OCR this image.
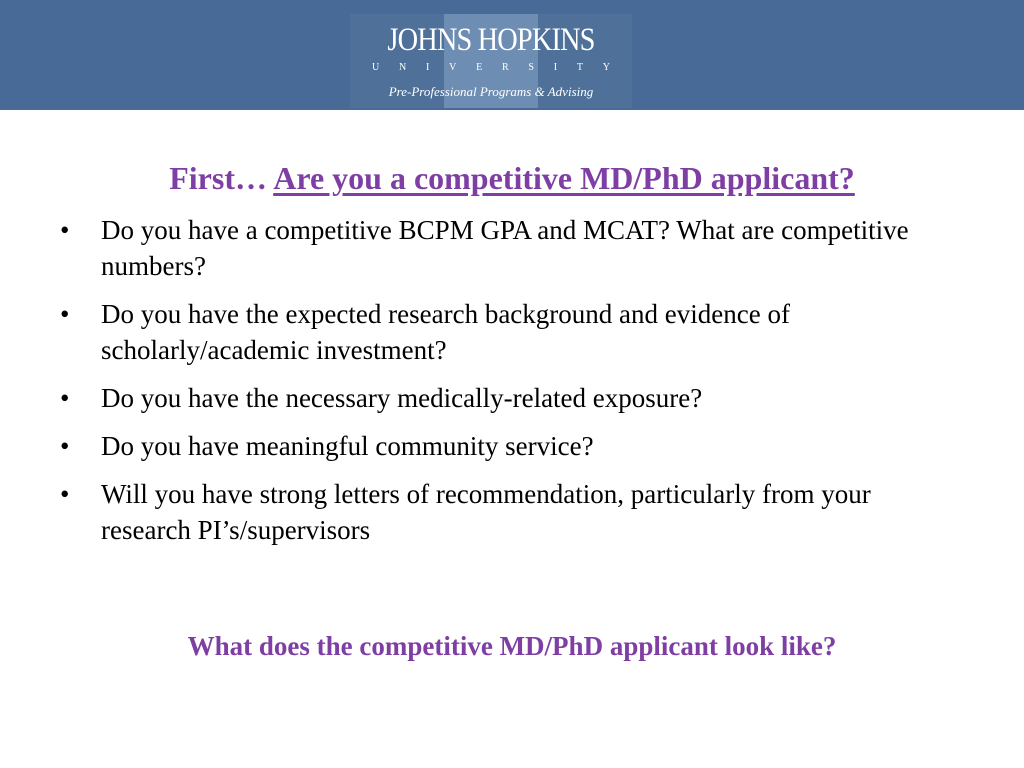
JOHNS HOPKINS
U N I V E R S I T Y
Pre-Professional Programs & Advising
First… Are you a competitive MD/PhD applicant?
• Do you have a competitive BCPM GPA and MCAT? What are competitive numbers?
• Do you have the expected research background and evidence of scholarly/academic investment?
• Do you have the necessary medically-related exposure?
• Do you have meaningful community service?
• Will you have strong letters of recommendation, particularly from your research PI’s/supervisors
What does the competitive MD/PhD applicant look like?
